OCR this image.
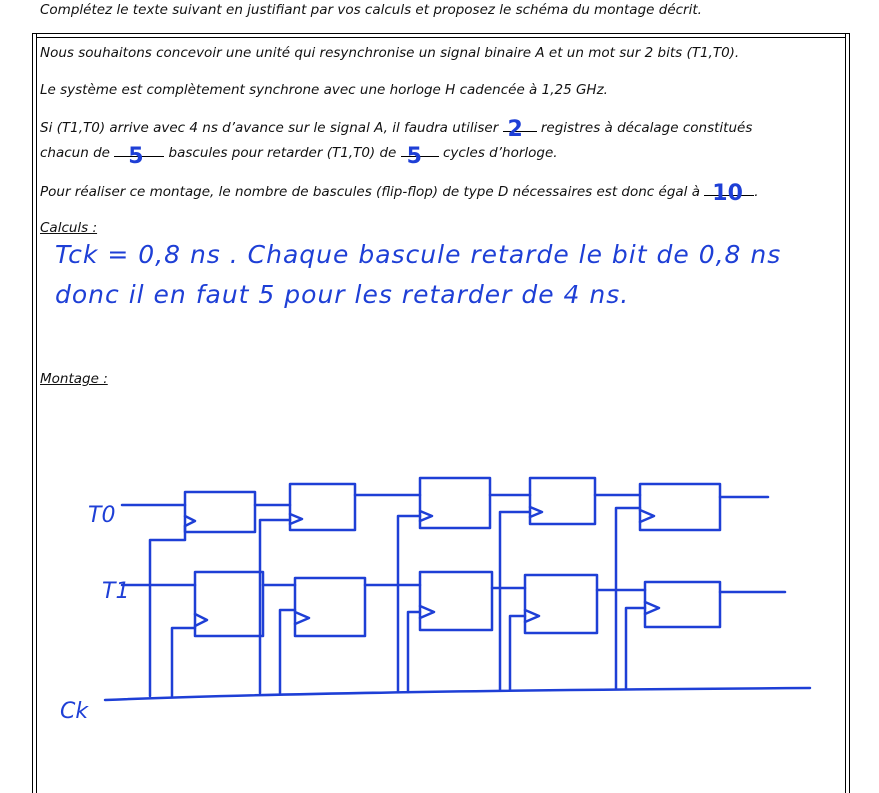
Complétez le texte suivant en justifiant par vos calculs et proposez le schéma du montage décrit.
Nous souhaitons concevoir une unité qui resynchronise un signal binaire A et un mot sur 2 bits (T1,T0).
Le système est complètement synchrone avec une horloge H cadencée à 1,25 GHz.
Si (T1,T0) arrive avec 4 ns d’avance sur le signal A, il faudra utiliser 2 registres à décalage constitués
chacun de 5 bascules pour retarder (T1,T0) de 5 cycles d’horloge.
Pour réaliser ce montage, le nombre de bascules (flip-flop) de type D nécessaires est donc égal à 10 .
Calculs :
Tck = 0,8 ns . Chaque bascule retarde le bit de 0,8 ns
donc il en faut 5 pour les retarder de 4 ns.
Montage :
T0
T1
Ck
